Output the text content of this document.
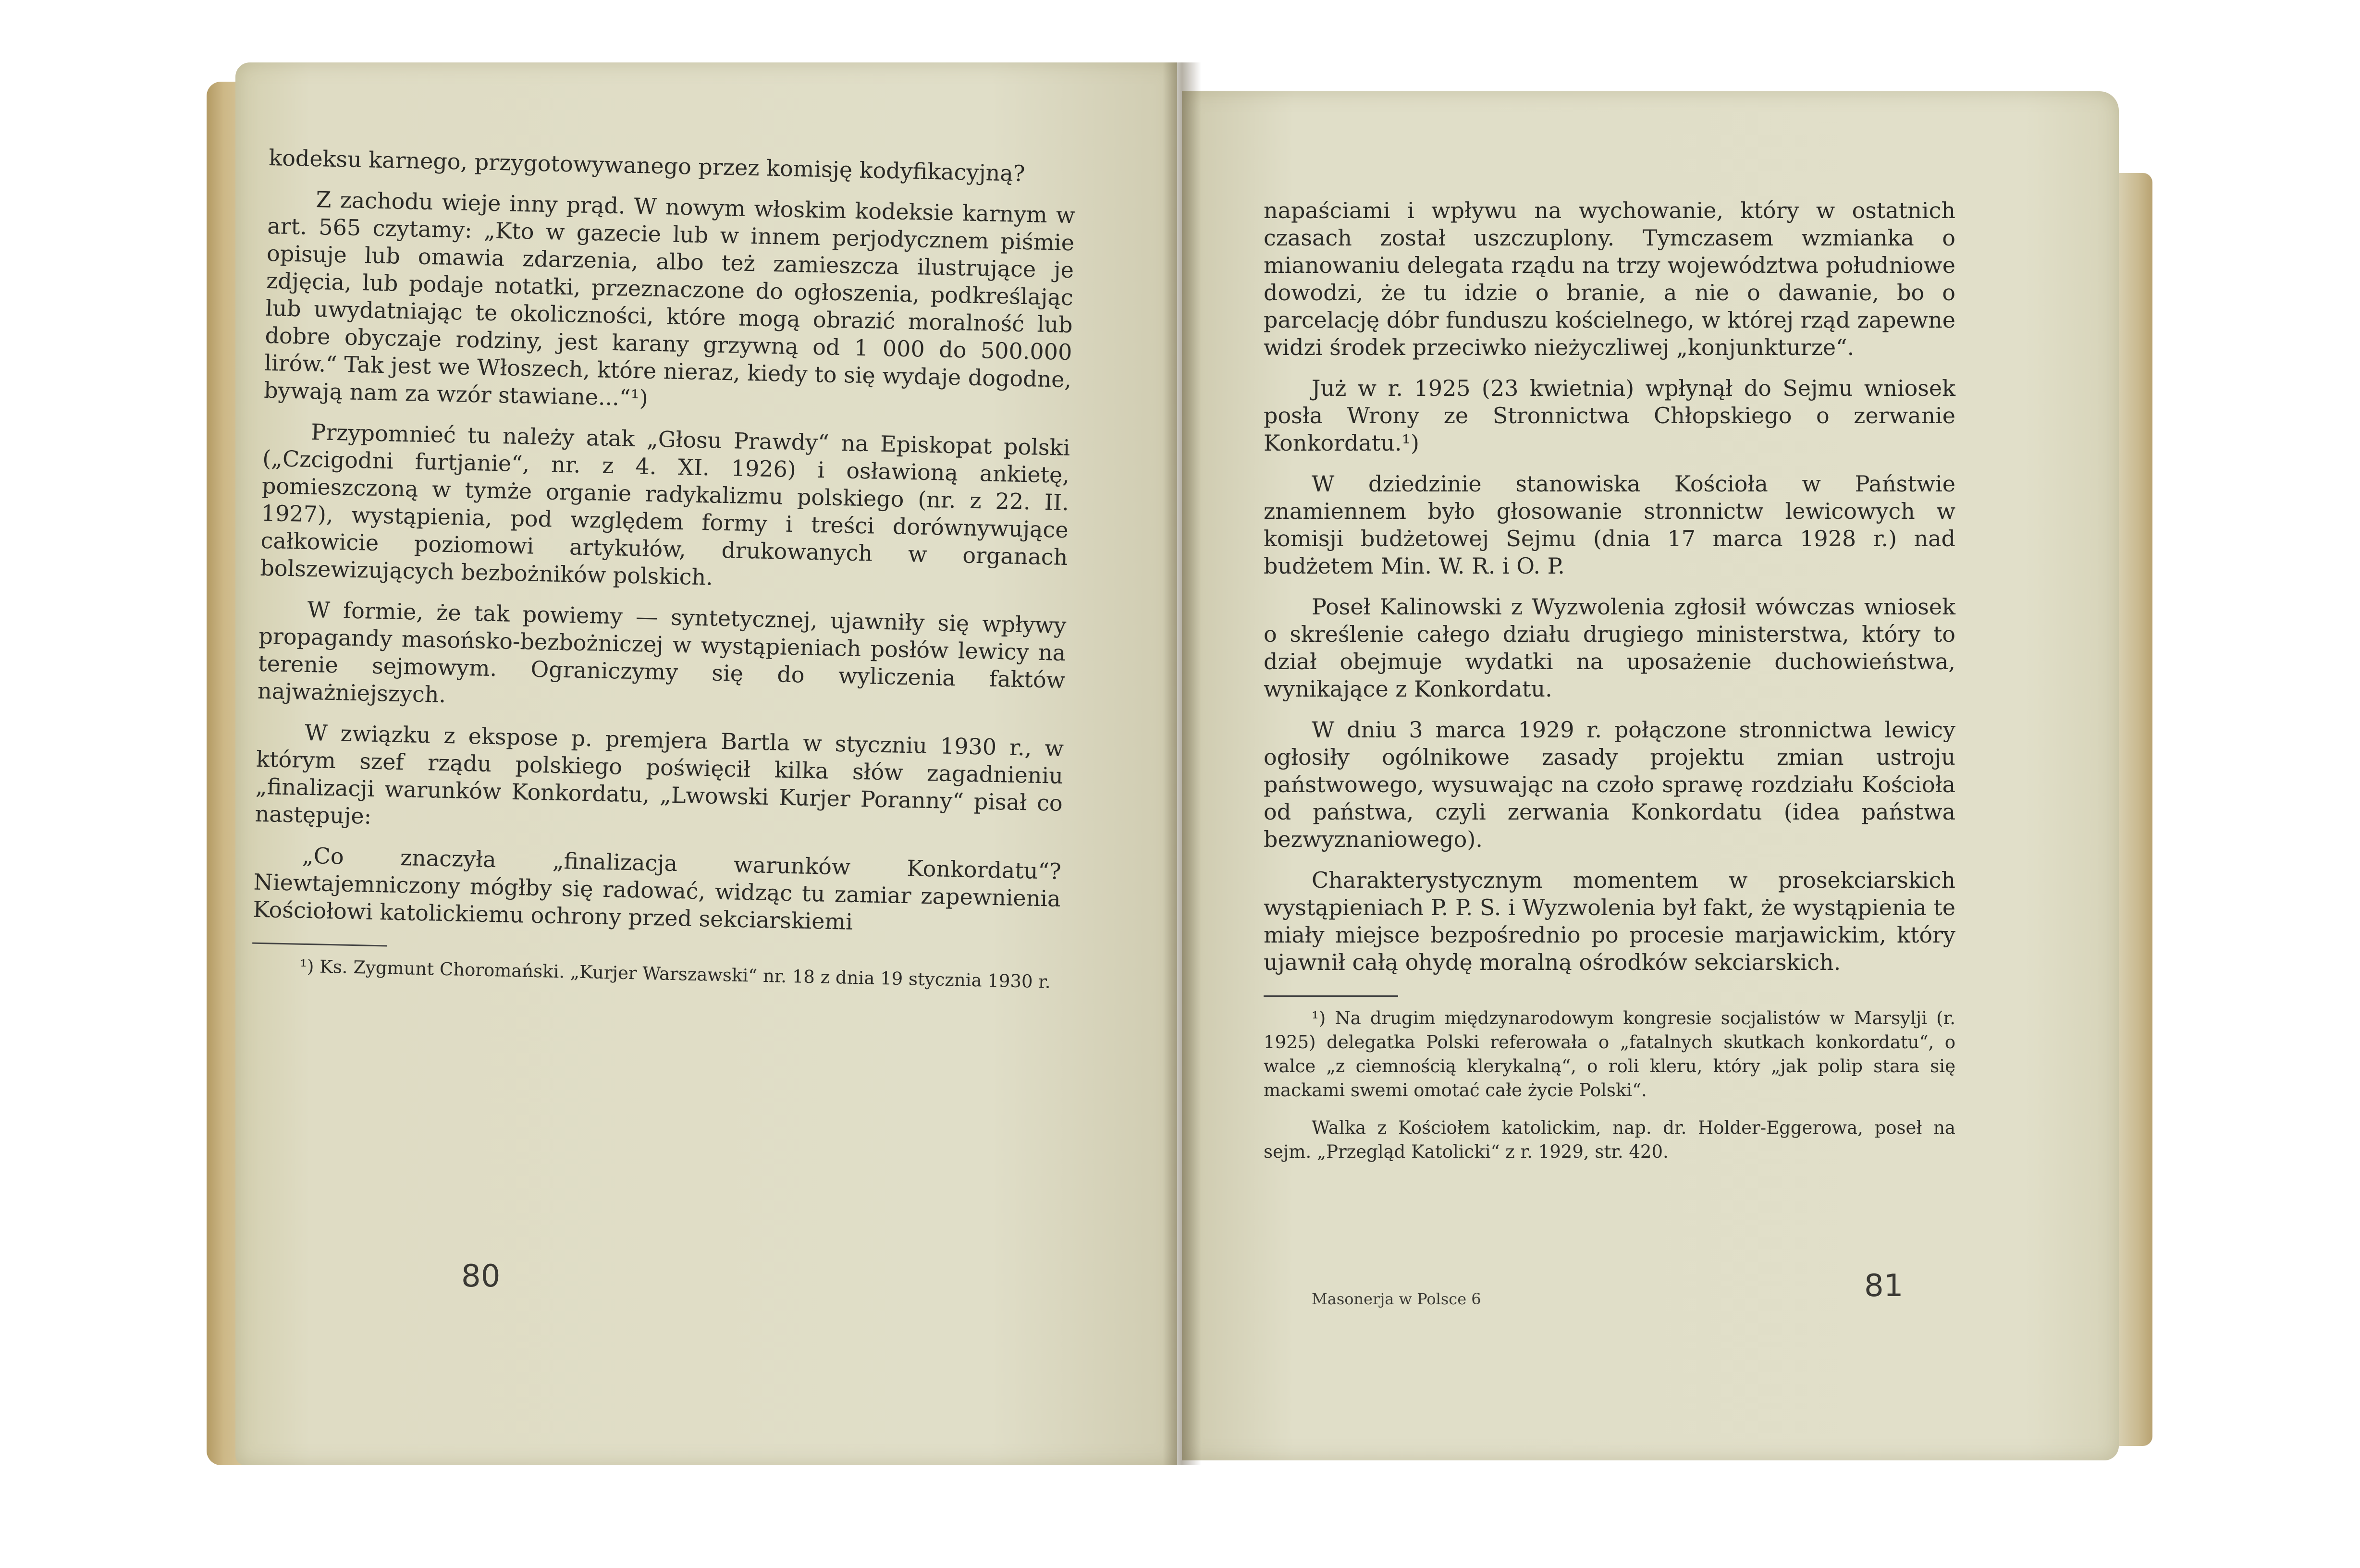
kodeksu karnego, przygotowywanego przez komisję kodyfikacyjną?

Z zachodu wieje inny prąd. W nowym włoskim kodeksie karnym w art. 565 czytamy: „Kto w gazecie lub w innem perjodycznem piśmie opisuje lub omawia zdarzenia, albo też zamieszcza ilustrujące je zdjęcia, lub podaje notatki, przeznaczone do ogłoszenia, podkreślając lub uwydatniając te okoliczności, które mogą obrazić moralność lub dobre obyczaje rodziny, jest karany grzywną od 1 000 do 500.000 lirów.“ Tak jest we Włoszech, które nieraz, kiedy to się wydaje dogodne, bywają nam za wzór stawiane...“¹)

Przypomnieć tu należy atak „Głosu Prawdy“ na Episkopat polski („Czcigodni furtjanie“, nr. z 4. XI. 1926) i osławioną ankietę, pomieszczoną w tymże organie radykalizmu polskiego (nr. z 22. II. 1927), wystąpienia, pod względem formy i treści dorównywujące całkowicie poziomowi artykułów, drukowanych w organach bolszewizujących bezbożników polskich.

W formie, że tak powiemy — syntetycznej, ujawniły się wpływy propagandy masońsko-bezbożniczej w wystąpieniach posłów lewicy na terenie sejmowym. Ograniczymy się do wyliczenia faktów najważniejszych.

W związku z ekspose p. premjera Bartla w styczniu 1930 r., w którym szef rządu polskiego poświęcił kilka słów zagadnieniu „finalizacji warunków Konkordatu, „Lwowski Kurjer Poranny“ pisał co następuje:

„Co znaczyła „finalizacja warunków Konkordatu“? Niewtajemniczony mógłby się radować, widząc tu zamiar zapewnienia Kościołowi katolickiemu ochrony przed sekciarskiemi

¹) Ks. Zygmunt Choromański. „Kurjer Warszawski“ nr. 18 z dnia 19 stycznia 1930 r.

napaściami i wpływu na wychowanie, który w ostatnich czasach został uszczuplony. Tymczasem wzmianka o mianowaniu delegata rządu na trzy województwa południowe dowodzi, że tu idzie o branie, a nie o dawanie, bo o parcelację dóbr funduszu kościelnego, w której rząd zapewne widzi środek przeciwko nieżyczliwej „konjunkturze“.

Już w r. 1925 (23 kwietnia) wpłynął do Sejmu wniosek posła Wrony ze Stronnictwa Chłopskiego o zerwanie Konkordatu.¹)

W dziedzinie stanowiska Kościoła w Państwie znamiennem było głosowanie stronnictw lewicowych w komisji budżetowej Sejmu (dnia 17 marca 1928 r.) nad budżetem Min. W. R. i O. P.

Poseł Kalinowski z Wyzwolenia zgłosił wówczas wniosek o skreślenie całego działu drugiego ministerstwa, który to dział obejmuje wydatki na uposażenie duchowieństwa, wynikające z Konkordatu.

W dniu 3 marca 1929 r. połączone stronnictwa lewicy ogłosiły ogólnikowe zasady projektu zmian ustroju państwowego, wysuwając na czoło sprawę rozdziału Kościoła od państwa, czyli zerwania Konkordatu (idea państwa bezwyznaniowego).

Charakterystycznym momentem w prosekciarskich wystąpieniach P. P. S. i Wyzwolenia był fakt, że wystąpienia te miały miejsce bezpośrednio po procesie marjawickim, który ujawnił całą ohydę moralną ośrodków sekciarskich.

¹) Na drugim międzynarodowym kongresie socjalistów w Marsylji (r. 1925) delegatka Polski referowała o „fatalnych skutkach konkordatu“, o walce „z ciemnością klerykalną“, o roli kleru, który „jak polip stara się mackami swemi omotać całe życie Polski“.

Walka z Kościołem katolickim, nap. dr. Holder-Eggerowa, poseł na sejm. „Przegląd Katolicki“ z r. 1929, str. 420.

80
Masonerja w Polsce 6	81
